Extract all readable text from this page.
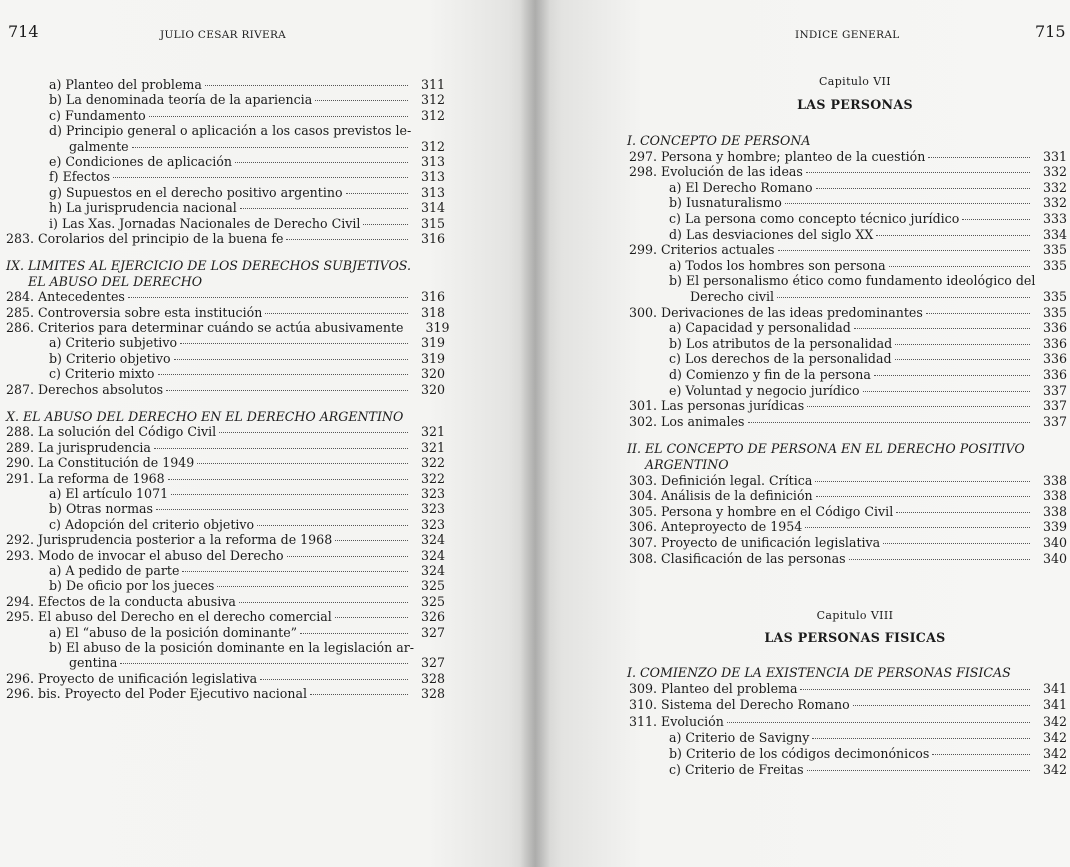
714	JULIO CESAR RIVERA
a) Planteo del problema	311
b) La denominada teoría de la apariencia	312
c) Fundamento	312
d) Principio general o aplicación a los casos previstos le-
galmente	312
e) Condiciones de aplicación	313
f) Efectos	313
g) Supuestos en el derecho positivo argentino	313
h) La jurisprudencia nacional	314
i) Las Xas. Jornadas Nacionales de Derecho Civil	315
283. Corolarios del principio de la buena fe	316
IX. LIMITES AL EJERCICIO DE LOS DERECHOS SUBJETIVOS.
EL ABUSO DEL DERECHO
284. Antecedentes	316
285. Controversia sobre esta institución	318
286. Criterios para determinar cuándo se actúa abusivamente	319
a) Criterio subjetivo	319
b) Criterio objetivo	319
c) Criterio mixto	320
287. Derechos absolutos	320
X. EL ABUSO DEL DERECHO EN EL DERECHO ARGENTINO
288. La solución del Código Civil	321
289. La jurisprudencia	321
290. La Constitución de 1949	322
291. La reforma de 1968	322
a) El artículo 1071	323
b) Otras normas	323
c) Adopción del criterio objetivo	323
292. Jurisprudencia posterior a la reforma de 1968	324
293. Modo de invocar el abuso del Derecho	324
a) A pedido de parte	324
b) De oficio por los jueces	325
294. Efectos de la conducta abusiva	325
295. El abuso del Derecho en el derecho comercial	326
a) El “abuso de la posición dominante”	327
b) El abuso de la posición dominante en la legislación ar-
gentina	327
296. Proyecto de unificación legislativa	328
296. bis. Proyecto del Poder Ejecutivo nacional	328
INDICE GENERAL	715
Capitulo VII
LAS PERSONAS
I. CONCEPTO DE PERSONA
297. Persona y hombre; planteo de la cuestión	331
298. Evolución de las ideas	332
a) El Derecho Romano	332
b) Iusnaturalismo	332
c) La persona como concepto técnico jurídico	333
d) Las desviaciones del siglo XX	334
299. Criterios actuales	335
a) Todos los hombres son persona	335
b) El personalismo ético como fundamento ideológico del
Derecho civil	335
300. Derivaciones de las ideas predominantes	335
a) Capacidad y personalidad	336
b) Los atributos de la personalidad	336
c) Los derechos de la personalidad	336
d) Comienzo y fin de la persona	336
e) Voluntad y negocio jurídico	337
301. Las personas jurídicas	337
302. Los animales	337
II. EL CONCEPTO DE PERSONA EN EL DERECHO POSITIVO
ARGENTINO
303. Definición legal. Crítica	338
304. Análisis de la definición	338
305. Persona y hombre en el Código Civil	338
306. Anteproyecto de 1954	339
307. Proyecto de unificación legislativa	340
308. Clasificación de las personas	340
Capitulo VIII
LAS PERSONAS FISICAS
I. COMIENZO DE LA EXISTENCIA DE PERSONAS FISICAS
309. Planteo del problema	341
310. Sistema del Derecho Romano	341
311. Evolución	342
a) Criterio de Savigny	342
b) Criterio de los códigos decimonónicos	342
c) Criterio de Freitas	342
